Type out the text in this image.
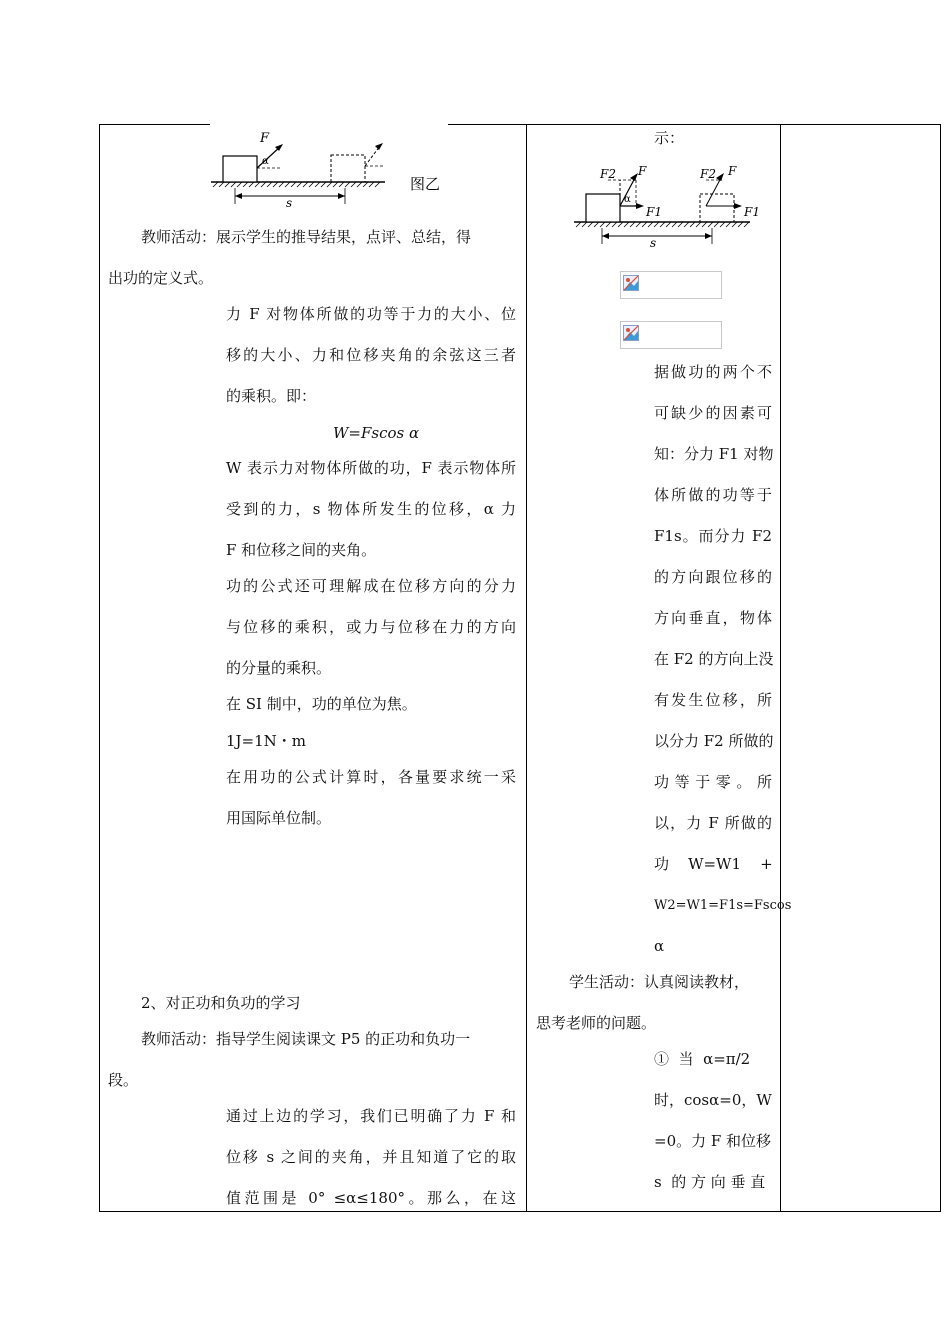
F
α
s
图乙
教师活动：展示学生的推导结果，点评、总结，得
出功的定义式。
力 F 对物体所做的功等于力的大小、位
移的大小、力和位移夹角的余弦这三者
的乘积。即：
W=Fscos α
W 表示力对物体所做的功，F 表示物体所
受到的力，s 物体所发生的位移，α 力
F 和位移之间的夹角。
功的公式还可理解成在位移方向的分力
与位移的乘积，或力与位移在力的方向
的分量的乘积。
在 SI 制中，功的单位为焦。
1J=1N・m
在用功的公式计算时，各量要求统一采
用国际单位制。
2、对正功和负功的学习
教师活动：指导学生阅读课文 P5 的正功和负功一
段。
通过上边的学习，我们已明确了力 F 和
位移 s 之间的夹角，并且知道了它的取
值范围是 0° ≤α≤180°。那么，在这
示：
F2 F
F1
α
F2 F
F1
s
据做功的两个不
可缺少的因素可
知：分力 F1 对物
体所做的功等于
F1s。而分力 F2
的方向跟位移的
方向垂直，物体
在 F2 的方向上没
有发生位移，所
以分力 F2 所做的
功等于零。所
以，力 F 所做的
功    W=W1    +
W2=W1=F1s=Fscos
α
学生活动：认真阅读教材，
思考老师的问题。
①  当  α=π/2
时，cosα=0，W
=0。力 F 和位移
s  的 方 向 垂 直
